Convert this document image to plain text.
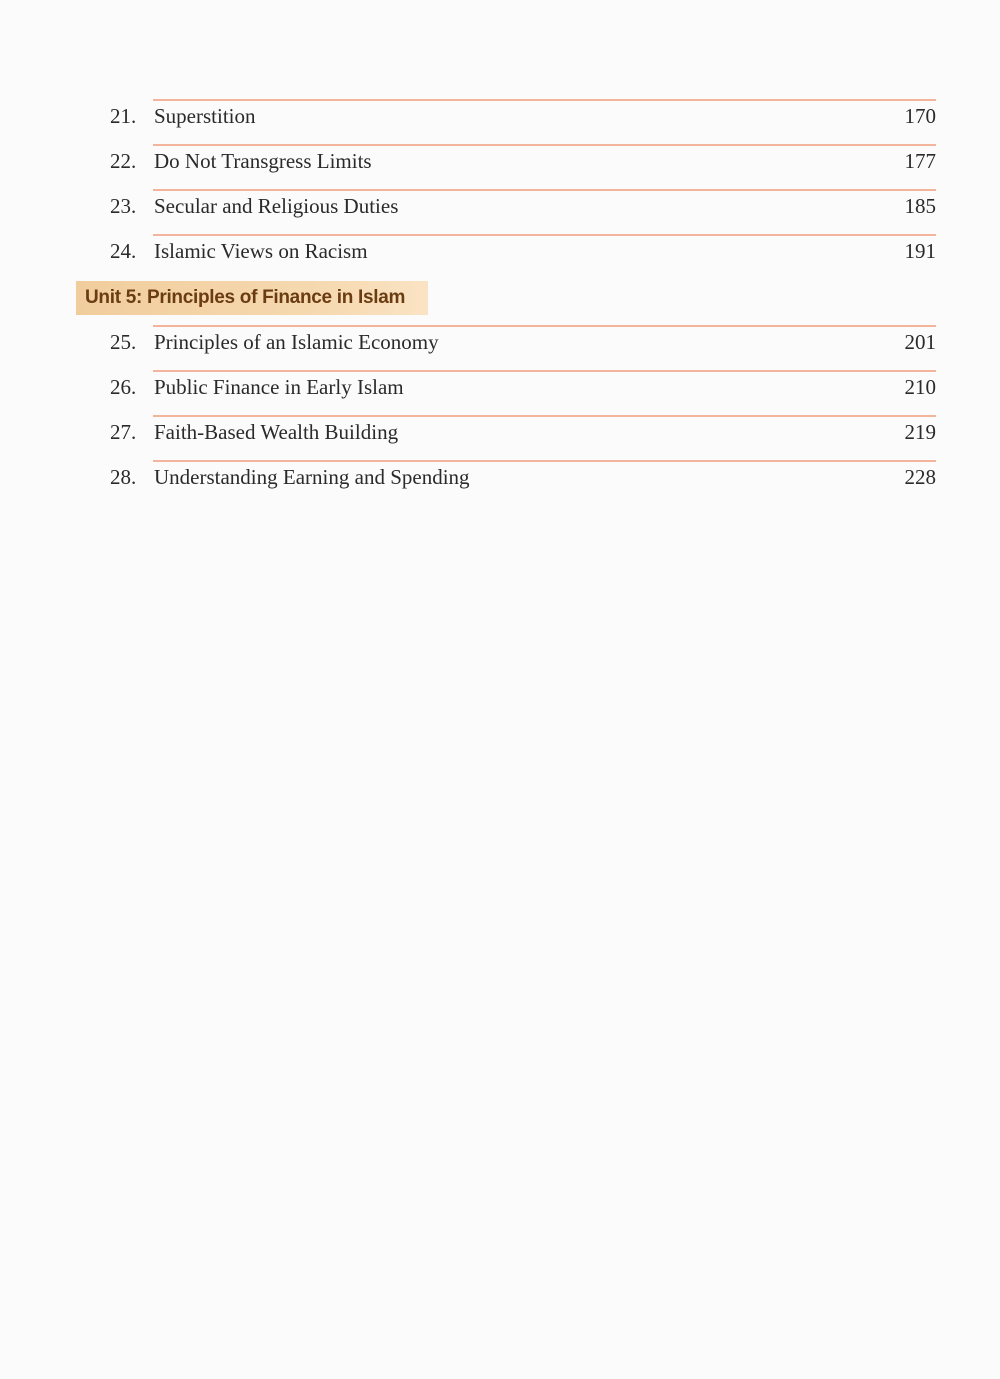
21. Superstition	170
22. Do Not Transgress Limits	177
23. Secular and Religious Duties	185
24. Islamic Views on Racism	191
Unit 5: Principles of Finance in Islam
25. Principles of an Islamic Economy	201
26. Public Finance in Early Islam	210
27. Faith-Based Wealth Building	219
28. Understanding Earning and Spending	228
